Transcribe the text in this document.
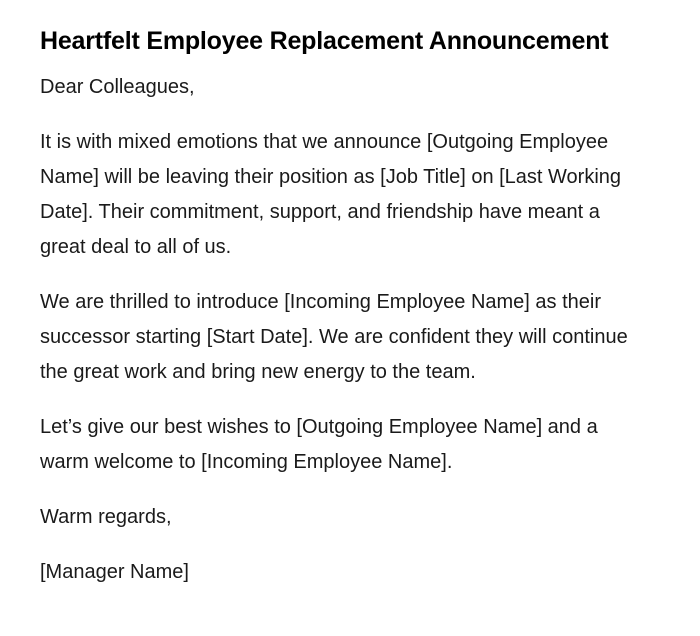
Heartfelt Employee Replacement Announcement

Dear Colleagues,

It is with mixed emotions that we announce [Outgoing Employee Name] will be leaving their position as [Job Title] on [Last Working Date]. Their commitment, support, and friendship have meant a great deal to all of us.

We are thrilled to introduce [Incoming Employee Name] as their successor starting [Start Date]. We are confident they will continue the great work and bring new energy to the team.

Let’s give our best wishes to [Outgoing Employee Name] and a warm welcome to [Incoming Employee Name].

Warm regards,

[Manager Name]
